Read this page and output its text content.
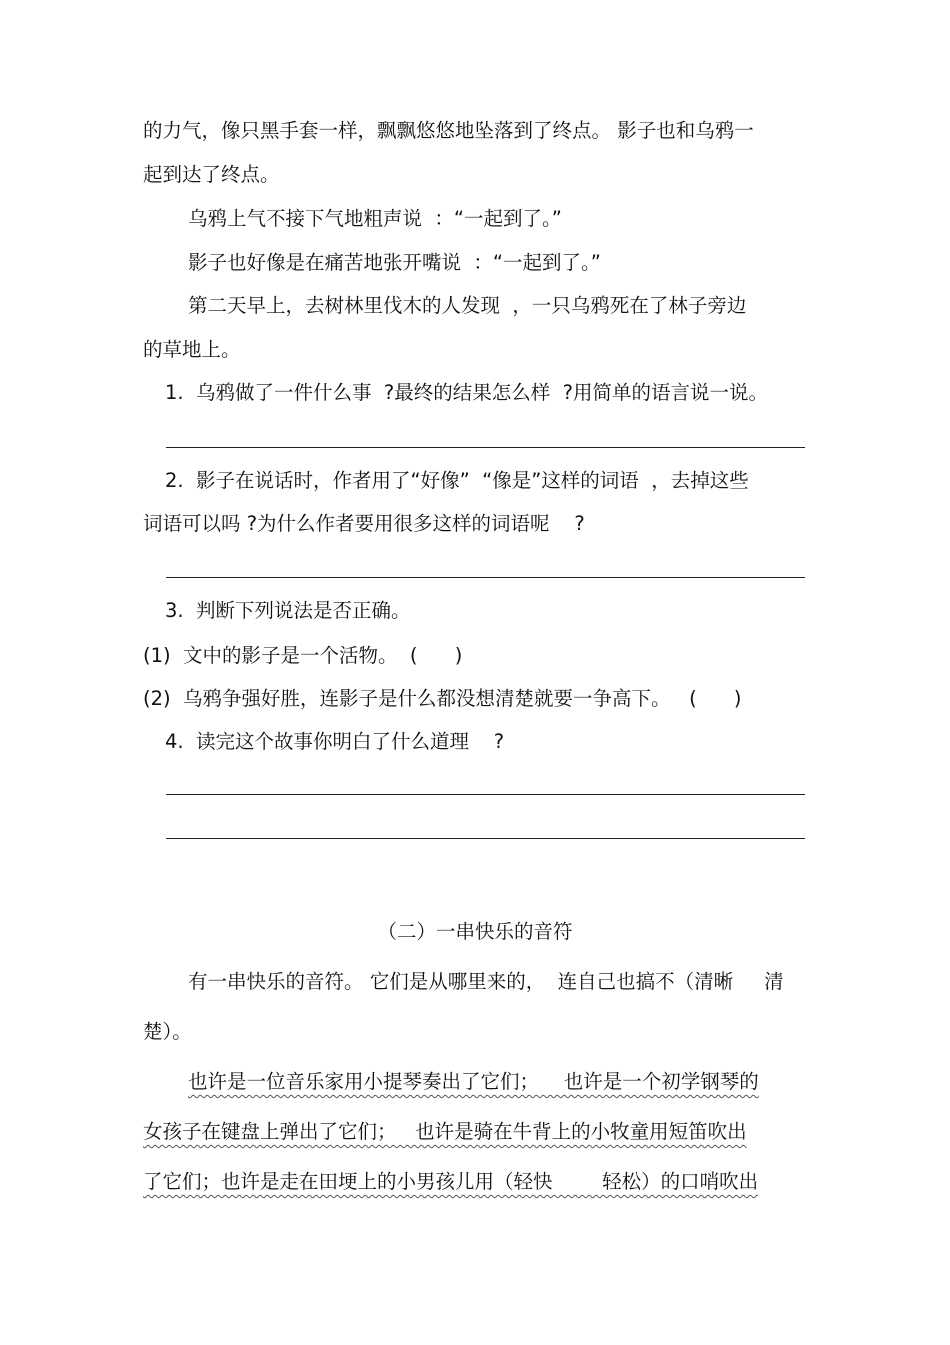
的力气，像只黑手套一样，飘飘悠悠地坠落到了终点。 影子也和乌鸦一
起到达了终点。
乌鸦上气不接下气地粗声说  ：“一起到了。”
影子也好像是在痛苦地张开嘴说  ：“一起到了。”
第二天早上，去树林里伐木的人发现  ，一只乌鸦死在了林子旁边
的草地上。
1.  乌鸦做了一件什么事  ?最终的结果怎么样  ?用简单的语言说一说。
2.  影子在说话时，作者用了“好像”  “像是”这样的词语  ，去掉这些
词语可以吗 ?为什么作者要用很多这样的词语呢    ?
3.  判断下列说法是否正确。
(1)  文中的影子是一个活物。  (      )
(2)  乌鸦争强好胜，连影子是什么都没想清楚就要一争高下。   (      )
4.  读完这个故事你明白了什么道理    ?
（二）一串快乐的音符
有一串快乐的音符。 它们是从哪里来的，  连自己也搞不（清晰     清
楚）。
也许是一位音乐家用小提琴奏出了它们；    也许是一个初学钢琴的
女孩子在键盘上弹出了它们；   也许是骑在牛背上的小牧童用短笛吹出
了它们；也许是走在田埂上的小男孩儿用（轻快        轻松）的口哨吹出
